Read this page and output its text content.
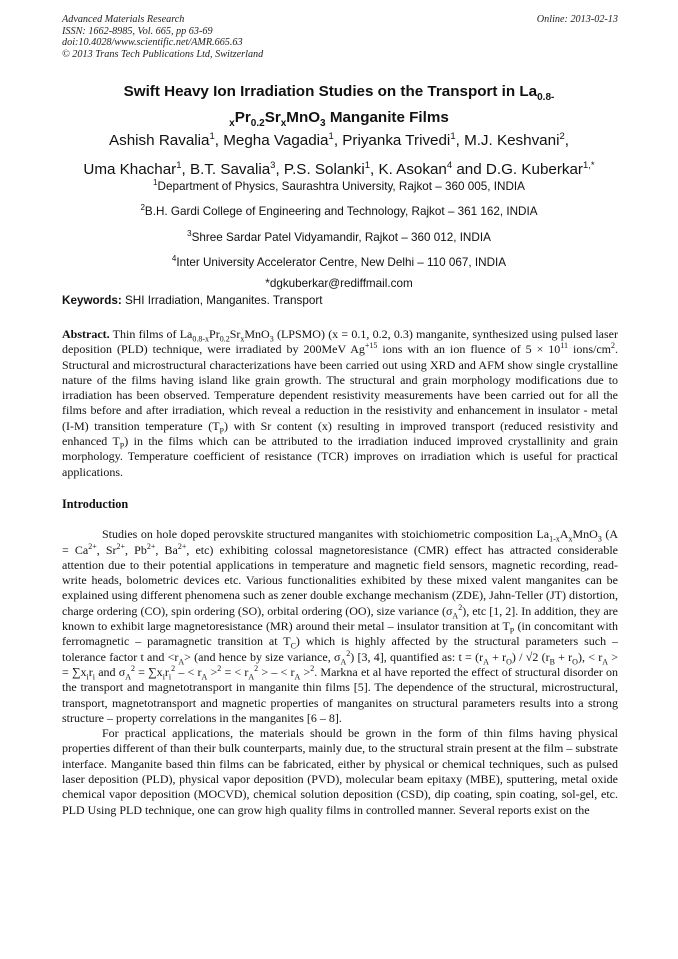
Advanced Materials Research
ISSN: 1662-8985, Vol. 665, pp 63-69
doi:10.4028/www.scientific.net/AMR.665.63
© 2013 Trans Tech Publications Ltd, Switzerland
Online: 2013-02-13
Swift Heavy Ion Irradiation Studies on the Transport in $La_{0.8-}$
$_xPr_{0.2}Sr_xMnO_3$ Manganite Films
Ashish Ravalia$^1$, Megha Vagadia$^1$, Priyanka Trivedi$^1$, M.J. Keshvani$^2$,
Uma Khachar$^1$, B.T. Savalia$^3$, P.S. Solanki$^1$, K. Asokan$^4$ and D.G. Kuberkar$^{1,*}$
$^1$Department of Physics, Saurashtra University, Rajkot – 360 005, INDIA
$^2$B.H. Gardi College of Engineering and Technology, Rajkot – 361 162, INDIA
$^3$Shree Sardar Patel Vidyamandir, Rajkot – 360 012, INDIA
$^4$Inter University Accelerator Centre, New Delhi – 110 067, INDIA
*dgkuberkar@rediffmail.com
Keywords: SHI Irradiation, Manganites. Transport

Abstract. Thin films of $La_{0.8-x}Pr_{0.2}Sr_xMnO_3$ (LPSMO) (x = 0.1, 0.2, 0.3) manganite, synthesized using pulsed laser deposition (PLD) technique, were irradiated by 200MeV $Ag^{+15}$ ions with an ion fluence of $5 \times 10^{11}$ ions/$cm^2$. Structural and microstructural characterizations have been carried out using XRD and AFM show single crystalline nature of the films having island like grain growth. The structural and grain morphology modifications due to irradiation has been observed. Temperature dependent resistivity measurements have been carried out for all the films before and after irradiation, which reveal a reduction in the resistivity and enhancement in insulator - metal (I-M) transition temperature $(T_P)$ with Sr content (x) resulting in improved transport (reduced resistivity and enhanced $T_P$) in the films which can be attributed to the irradiation induced improved crystallinity and grain morphology. Temperature coefficient of resistance (TCR) improves on irradiation which is useful for practical applications.

Introduction

Studies on hole doped perovskite structured manganites with stoichiometric composition $La_{1-x}A_xMnO_3$ ($A = Ca^{2+}$, $Sr^{2+}$, $Pb^{2+}$, $Ba^{2+}$, etc) exhibiting colossal magnetoresistance (CMR) effect has attracted considerable attention due to their potential applications in temperature and magnetic field sensors, magnetic recording, read-write heads, bolometric devices etc. Various functionalities exhibited by these mixed valent manganites can be explained using different phenomena such as zener double exchange mechanism (ZDE), Jahn-Teller (JT) distortion, charge ordering (CO), spin ordering (SO), orbital ordering (OO), size variance $(\sigma_A^2)$, etc [1, 2]. In addition, they are known to exhibit large magnetoresistance (MR) around their metal – insulator transition at $T_P$ (in concomitant with ferromagnetic – paramagnetic transition at $T_C$) which is highly affected by the structural parameters such – tolerance factor t and $<r_A> (and$ hence by size variance, $\sigma_A^2$) [3, 4], quantified as: $t = (r_A + r_O) / √2$ $(r_B + r_O)$, < $r_A$ > = $\sum x_ir_i$ and $\sigma_A^2 = \sum x_ir_i^2$ – < $r_A >^2$ = < $r_A^2$ > – < $r_A >^2$. Markna et al have reported the effect of structural disorder on the transport and magnetotransport in manganite thin films [5]. The dependence of the structural, microstructural, transport, magnetotransport and magnetic properties of manganites on structural parameters results into a strong structure – property correlations in the manganites [6 – 8].

For practical applications, the materials should be grown in the form of thin films having physical properties different of than their bulk counterparts, mainly due, to the structural strain present at the film – substrate interface. Manganite based thin films can be fabricated, either by physical or chemical techniques, such as pulsed laser deposition (PLD), physical vapor deposition (PVD), molecular beam epitaxy (MBE), sputtering, metal oxide chemical vapor deposition (MOCVD), chemical solution deposition (CSD), dip coating, spin coating, sol-gel, etc. PLD Using PLD technique, one can grow high quality films in controlled manner. Several reports exist on the
